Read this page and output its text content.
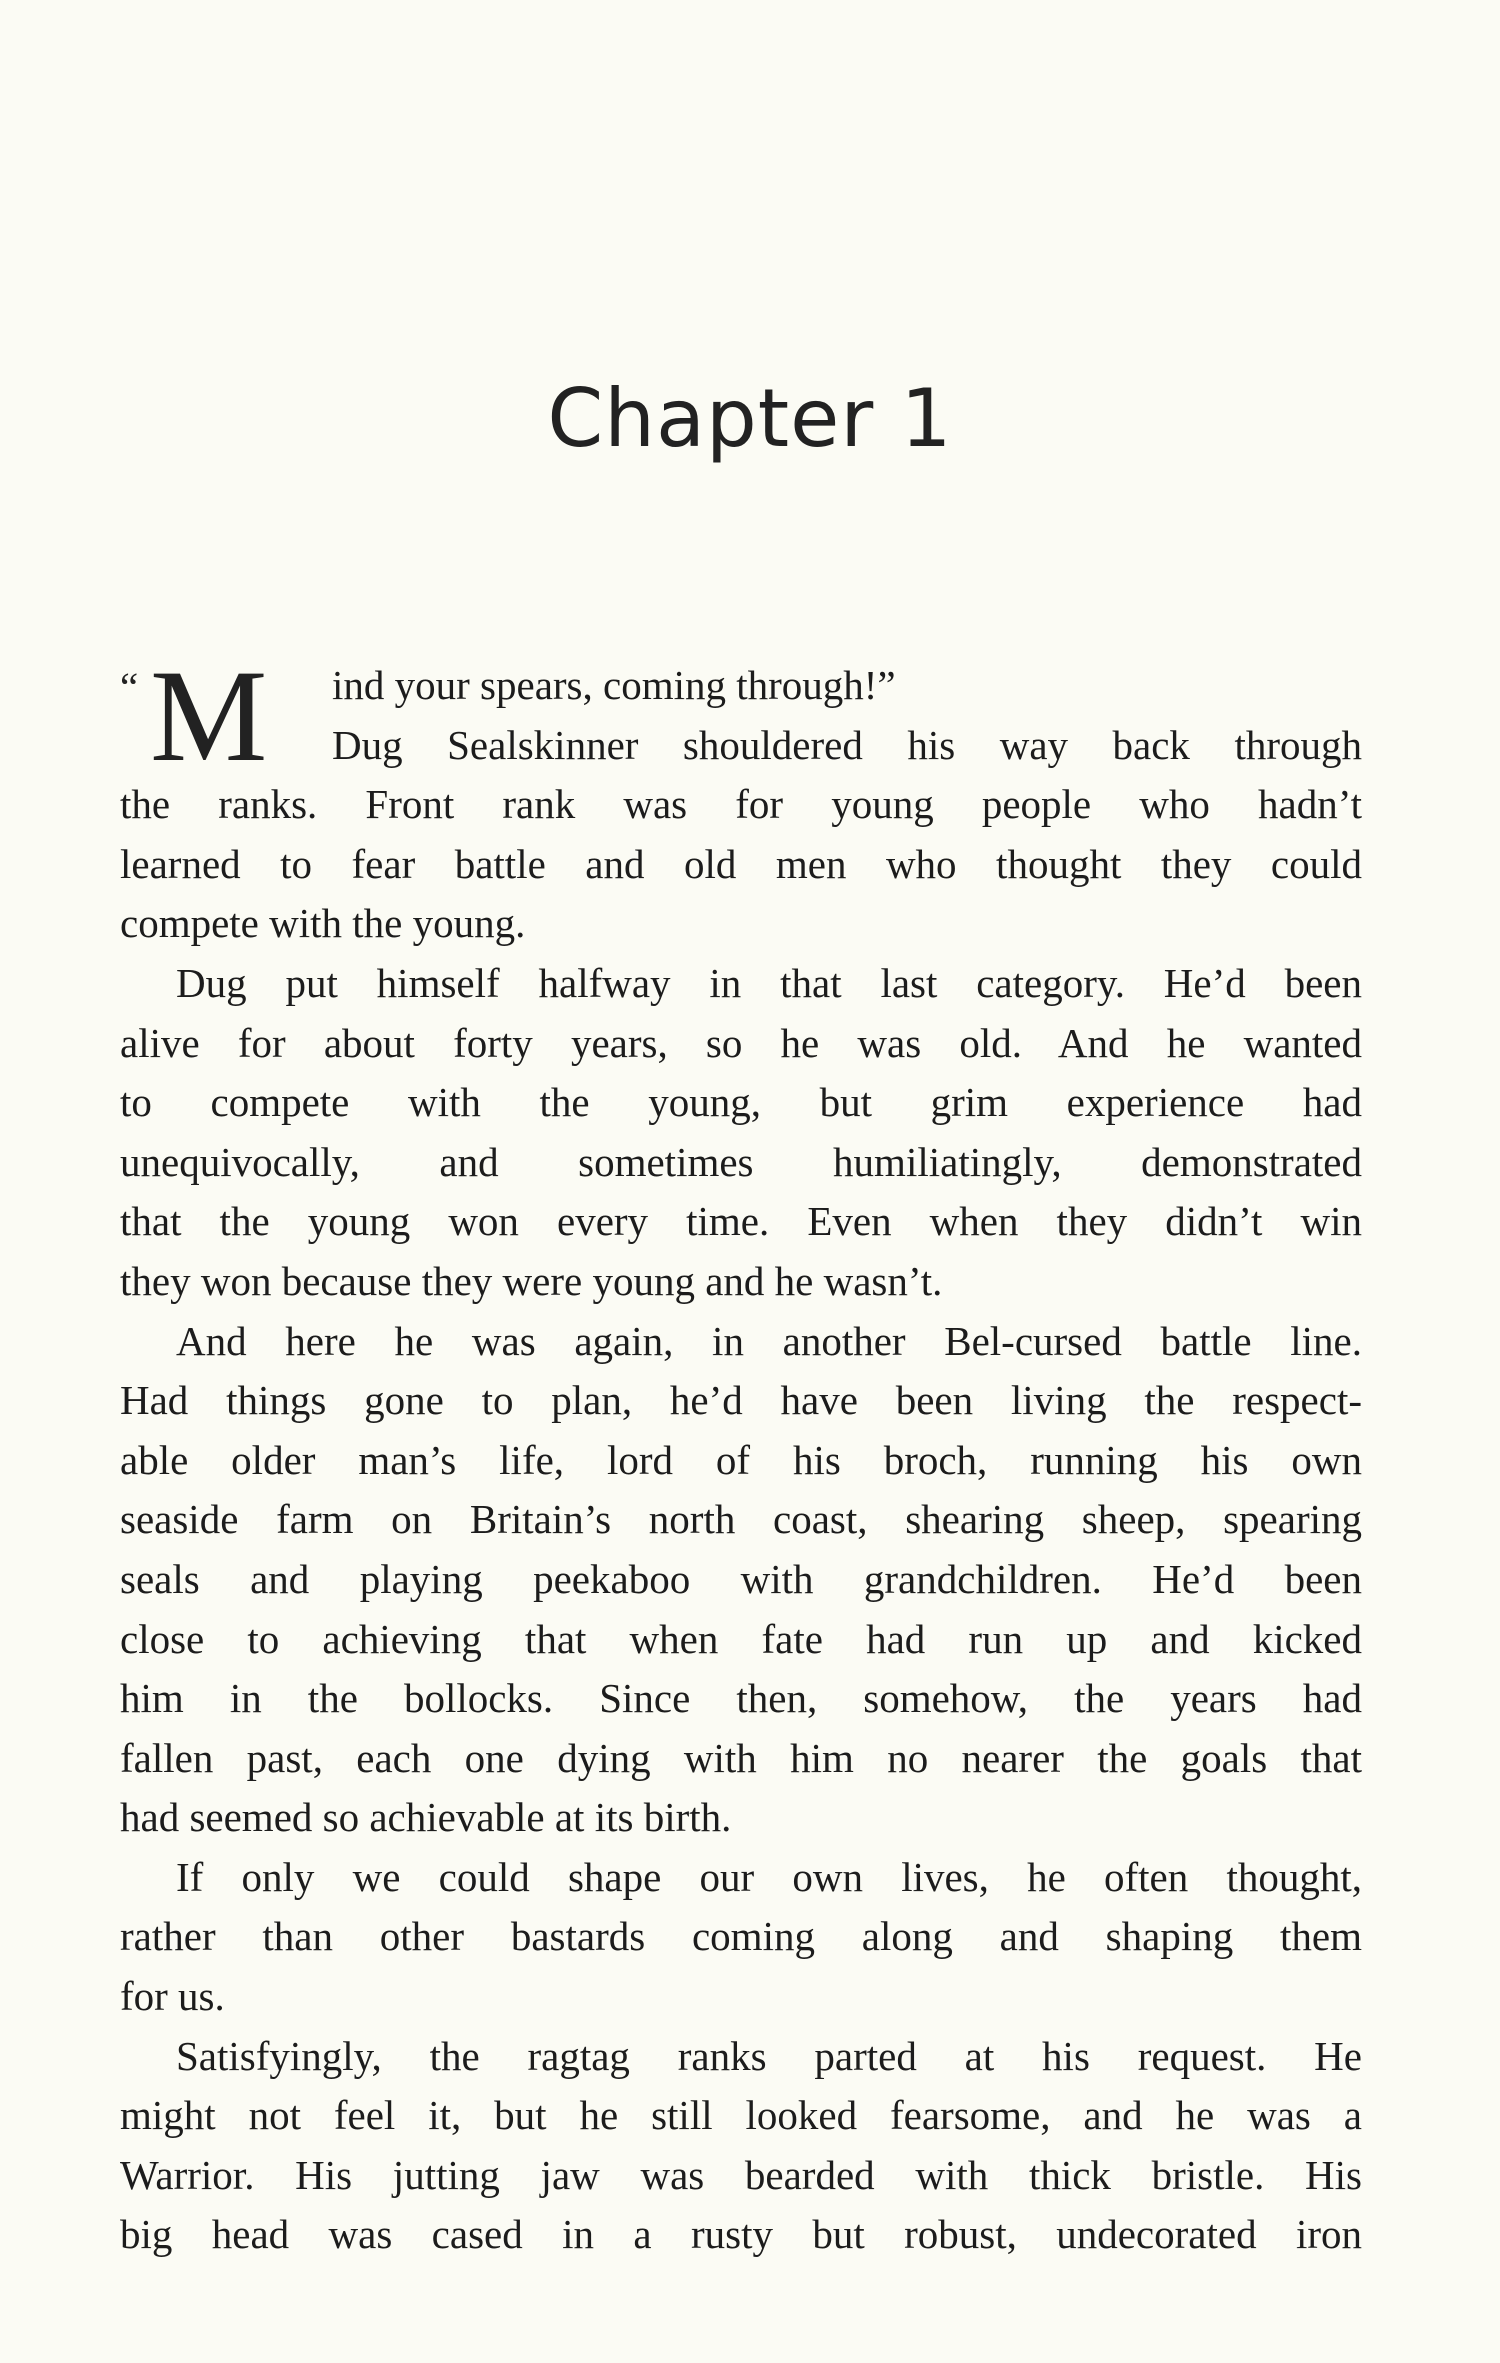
Chapter 1
“ M	ind your spears, coming through!”
Dug Sealskinner shouldered his way back through
the ranks. Front rank was for young people who hadn’t
learned to fear battle and old men who thought they could
compete with the young.
Dug put himself halfway in that last category. He’d been
alive for about forty years, so he was old. And he wanted
to compete with the young, but grim experience had
unequivocally, and sometimes humiliatingly, demonstrated
that the young won every time. Even when they didn’t win
they won because they were young and he wasn’t.
And here he was again, in another Bel-cursed battle line.
Had things gone to plan, he’d have been living the respect-
able older man’s life, lord of his broch, running his own
seaside farm on Britain’s north coast, shearing sheep, spearing
seals and playing peekaboo with grandchildren. He’d been
close to achieving that when fate had run up and kicked
him in the bollocks. Since then, somehow, the years had
fallen past, each one dying with him no nearer the goals that
had seemed so achievable at its birth.
If only we could shape our own lives, he often thought,
rather than other bastards coming along and shaping them
for us.
Satisfyingly, the ragtag ranks parted at his request. He
might not feel it, but he still looked fearsome, and he was a
Warrior. His jutting jaw was bearded with thick bristle. His
big head was cased in a rusty but robust, undecorated iron
